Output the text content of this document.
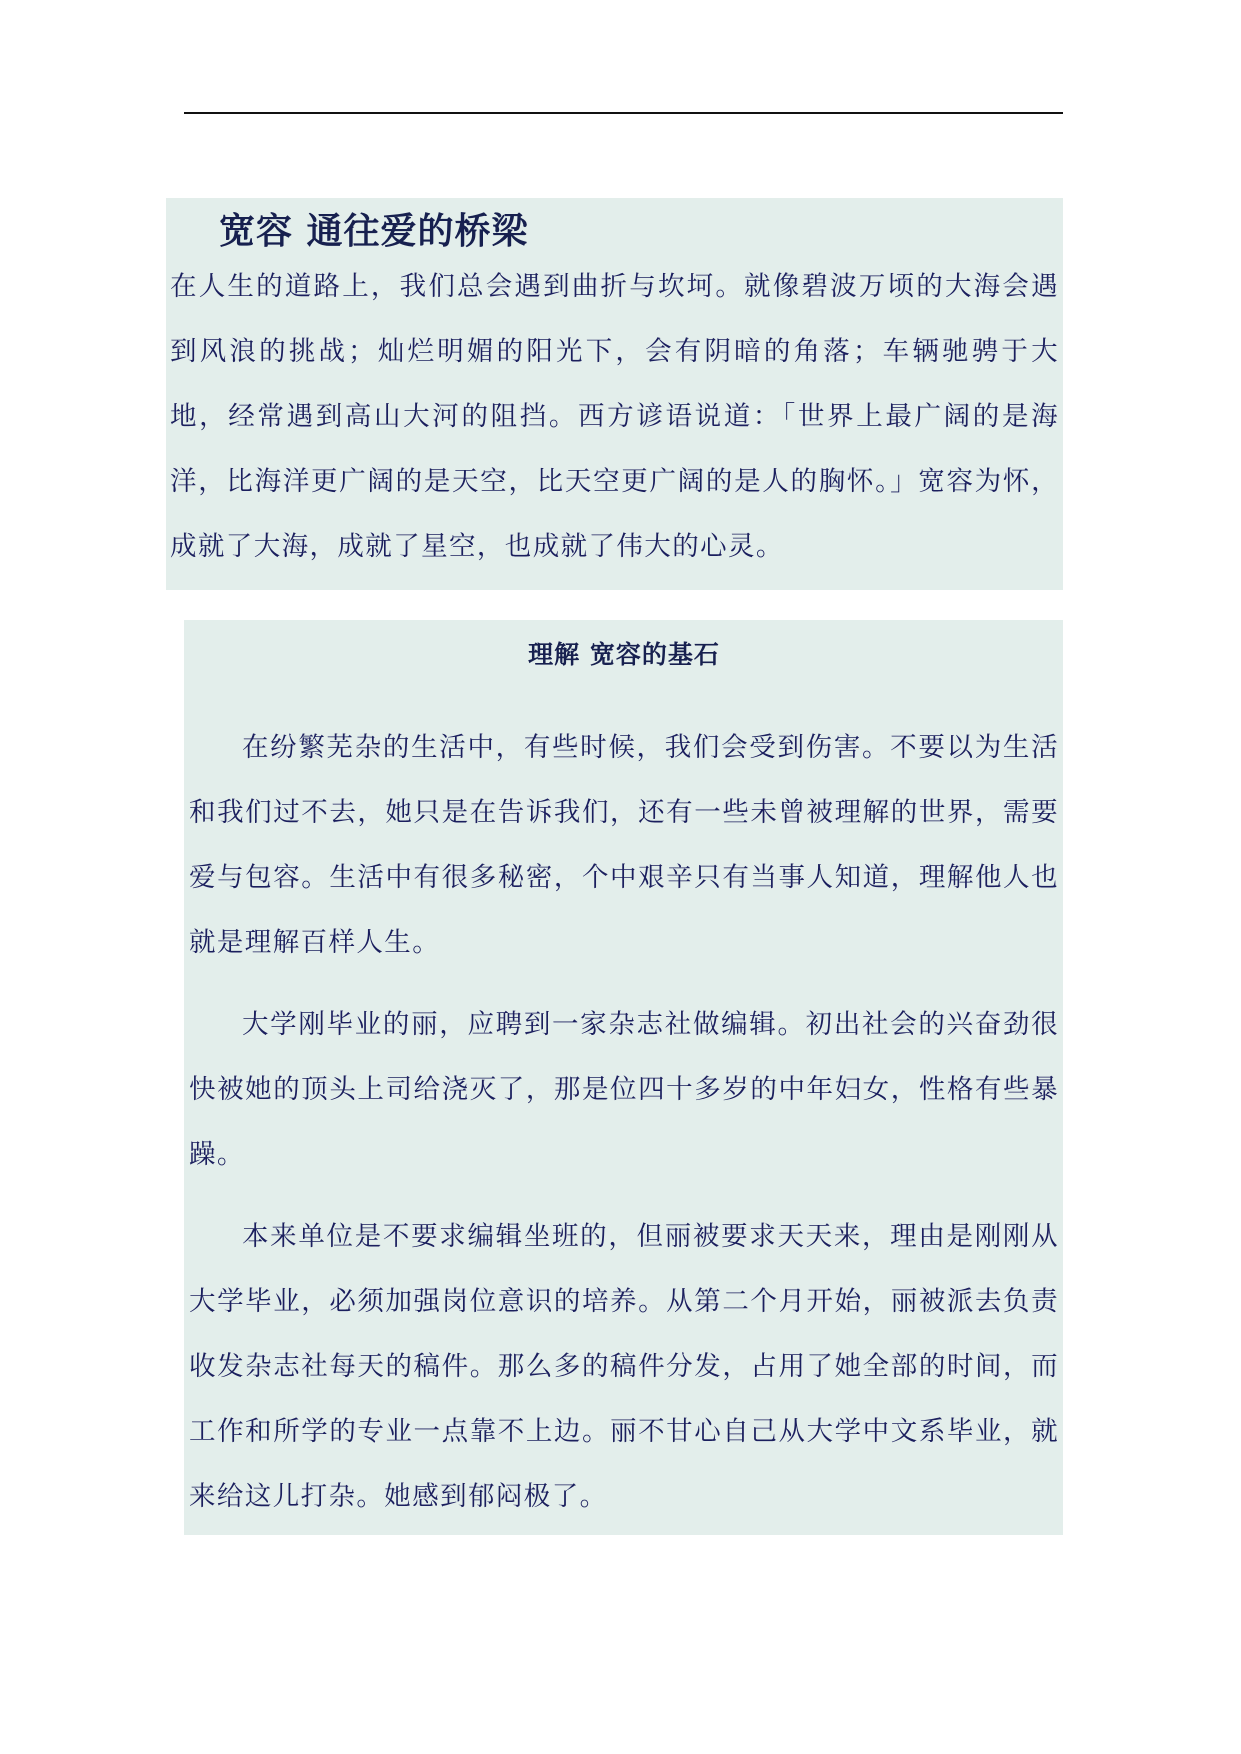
宽容 通往爱的桥梁

在人生的道路上，我们总会遇到曲折与坎坷。就像碧波万顷的大海会遇到风浪的挑战；灿烂明媚的阳光下，会有阴暗的角落；车辆驰骋于大地，经常遇到高山大河的阻挡。西方谚语说道：「世界上最广阔的是海洋，比海洋更广阔的是天空，比天空更广阔的是人的胸怀。」宽容为怀，成就了大海，成就了星空，也成就了伟大的心灵。

理解 宽容的基石

在纷繁芜杂的生活中，有些时候，我们会受到伤害。不要以为生活和我们过不去，她只是在告诉我们，还有一些未曾被理解的世界，需要爱与包容。生活中有很多秘密，个中艰辛只有当事人知道，理解他人也就是理解百样人生。

大学刚毕业的丽，应聘到一家杂志社做编辑。初出社会的兴奋劲很快被她的顶头上司给浇灭了，那是位四十多岁的中年妇女，性格有些暴躁。

本来单位是不要求编辑坐班的，但丽被要求天天来，理由是刚刚从大学毕业，必须加强岗位意识的培养。从第二个月开始，丽被派去负责收发杂志社每天的稿件。那么多的稿件分发，占用了她全部的时间，而工作和所学的专业一点靠不上边。丽不甘心自己从大学中文系毕业，就来给这儿打杂。她感到郁闷极了。
